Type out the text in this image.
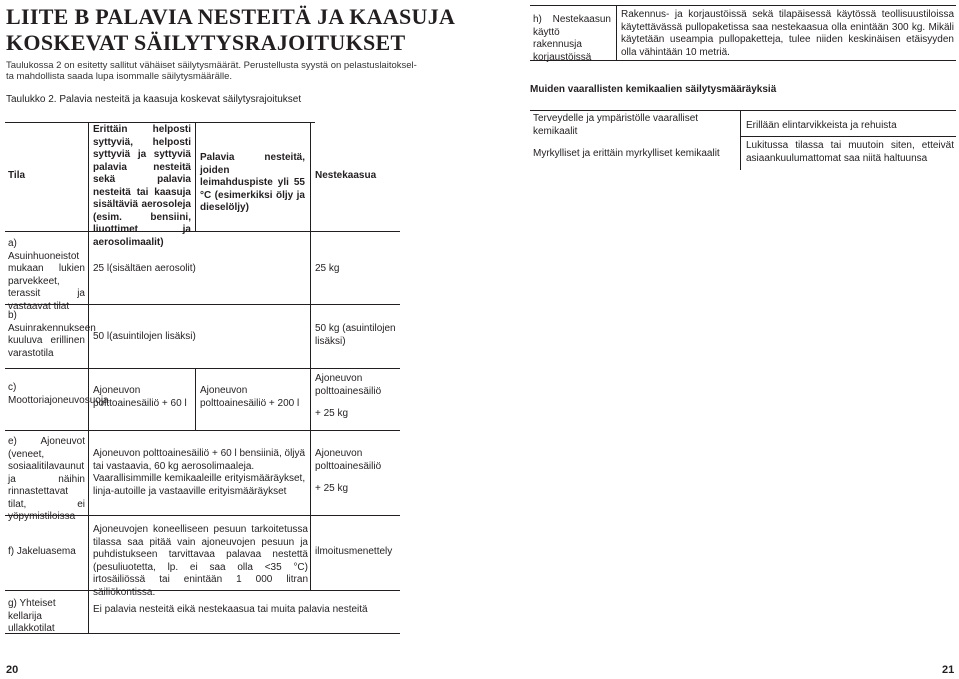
LIITE B PALAVIA NESTEITÄ JA KAASUJA
KOSKEVAT SÄILYTYSRAJOITUKSET
Taulukossa 2 on esitetty sallitut vähäiset säilytysmäärät. Perustellusta syystä on pelastuslaitoksel-
ta mahdollista saada lupa isommalle säilytysmäärälle.
Taulukko 2. Palavia nesteitä ja kaasuja koskevat säilytysrajoitukset
Tila
Erittäin helposti syttyviä, helposti syttyviä ja syttyviä palavia nesteitä sekä palavia nesteitä tai kaasuja sisältäviä aerosoleja (esim. bensiini, liuottimet ja aerosolimaalit)
Palavia nesteitä, joiden leimahduspiste yli 55 °C (esimerkiksi öljy ja dieselöljy)
Nestekaasua
a) Asuinhuoneistot mukaan lukien parvekkeet, terassit ja vastaavat tilat
25 l(sisältäen aerosolit)	25 kg
b) Asuinrakennukseen kuuluva erillinen varastotila
50 l(asuintilojen lisäksi)
50 kg (asuintilojen lisäksi)
c) Moottoriajoneuvosuoja
Ajoneuvon polttoainesäiliö + 60 l
Ajoneuvon polttoainesäiliö + 200 l
Ajoneuvon polttoainesäiliö
+ 25 kg
e) Ajoneuvot (veneet, sosiaalitilavaunut ja näihin rinnastettavat tilat, ei yöpymistiloissa
Ajoneuvon polttoainesäiliö + 60 l bensiiniä, öljyä tai vastaavia, 60 kg aerosolimaaleja. Vaarallisimmille kemikaaleille erityismääräykset, linja-autoille ja vastaaville erityismääräykset
Ajoneuvon polttoainesäiliö
+ 25 kg
f) Jakeluasema
Ajoneuvojen koneelliseen pesuun tarkoitetussa tilassa saa pitää vain ajoneuvojen pesuun ja puhdistukseen tarvittavaa palavaa nestettä (pesuliuotetta, lp. ei saa olla <35 °C) irtosäiliössä tai enintään 1 000 litran säiliökontissa.
ilmoitusmenettely
g) Yhteiset kellarija ullakkotilat
Ei palavia nesteitä eikä nestekaasua tai muita palavia nesteitä
20
h) Nestekaasun käyttö rakennusja korjaustöissä
Rakennus- ja korjaustöissä sekä tilapäisessä käytössä teollisuustiloissa käytettävässä pullopaketissa saa nestekaasua olla enintään 300 kg. Mikäli käytetään useampia pullopaketteja, tulee niiden keskinäisen etäisyyden olla vähintään 10 metriä.
Muiden vaarallisten kemikaalien säilytysmääräyksiä
Terveydelle ja ympäristölle vaaralliset kemikaalit	Erillään elintarvikkeista ja rehuista
Myrkylliset ja erittäin myrkylliset kemikaalit
Lukitussa tilassa tai muutoin siten, etteivät asiaankuulumattomat saa niitä haltuunsa
21
